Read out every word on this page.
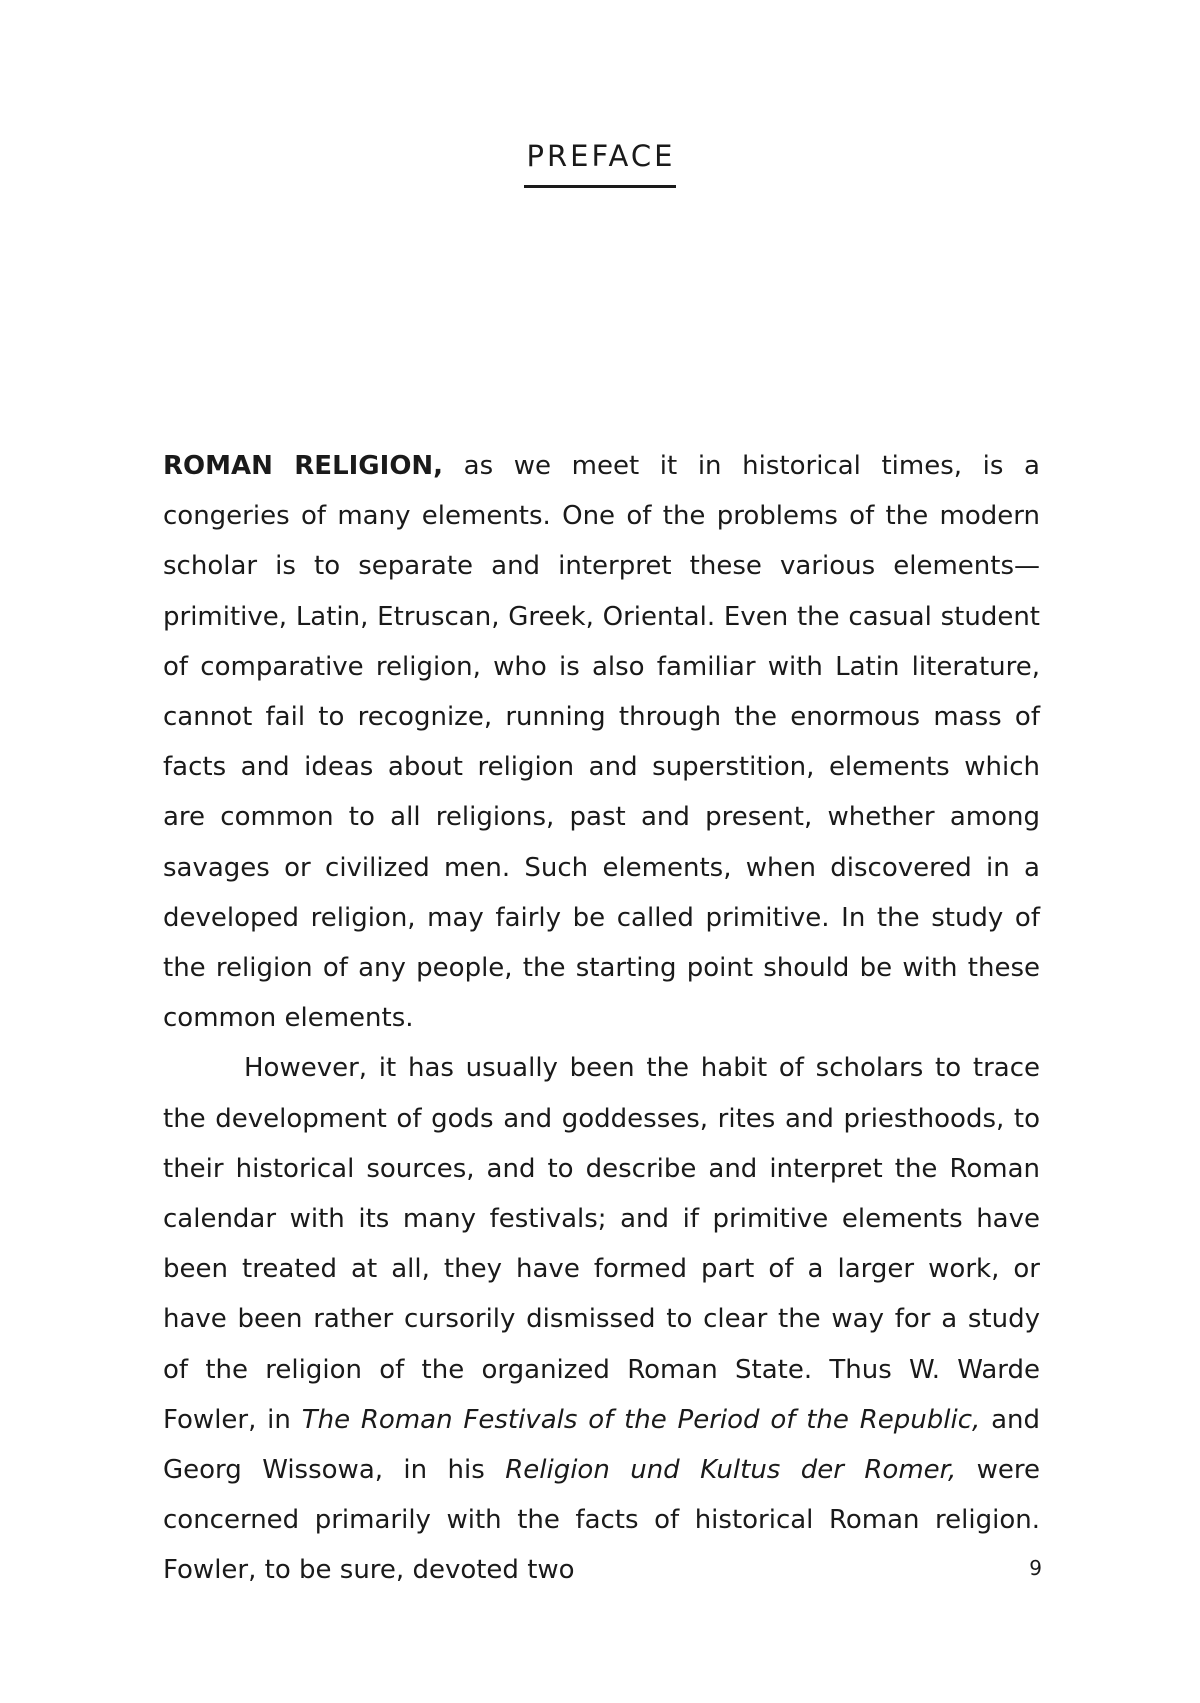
PREFACE

ROMAN RELIGION, as we meet it in historical times, is a congeries of many elements. One of the problems of the modern scholar is to separate and interpret these various elements—primitive, Latin, Etruscan, Greek, Oriental. Even the casual student of comparative religion, who is also familiar with Latin literature, cannot fail to recognize, running through the enormous mass of facts and ideas about religion and superstition, elements which are common to all religions, past and present, whether among savages or civilized men. Such elements, when discovered in a developed religion, may fairly be called primitive. In the study of the religion of any people, the starting point should be with these common elements.

However, it has usually been the habit of scholars to trace the development of gods and goddesses, rites and priesthoods, to their historical sources, and to describe and interpret the Roman calendar with its many festivals; and if primitive elements have been treated at all, they have formed part of a larger work, or have been rather cursorily dismissed to clear the way for a study of the religion of the organized Roman State. Thus W. Warde Fowler, in The Roman Festivals of the Period of the Republic, and Georg Wissowa, in his Religion und Kultus der Romer, were concerned primarily with the facts of historical Roman religion. Fowler, to be sure, devoted two	9
